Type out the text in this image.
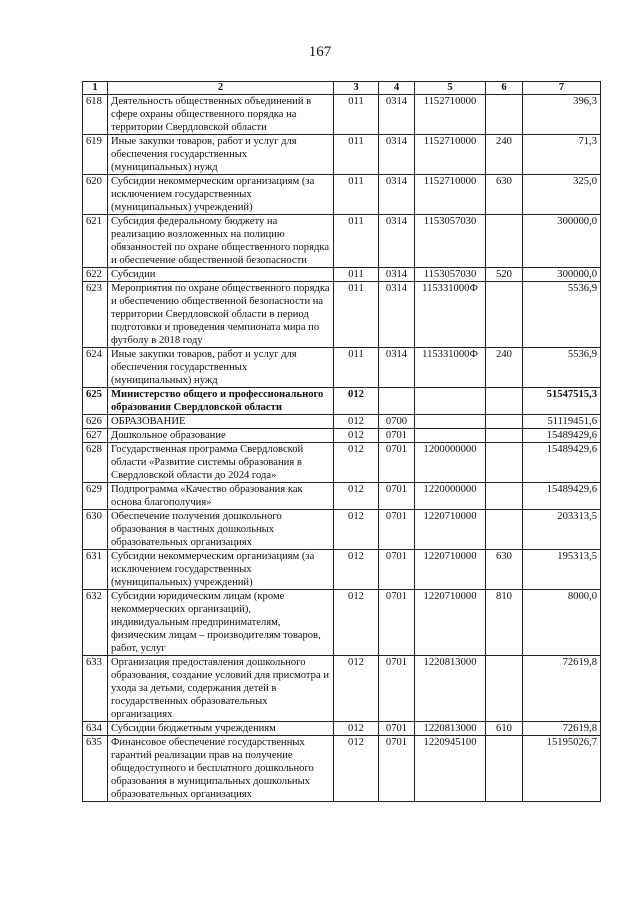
167
1	2	3	4	5	6	7
618	Деятельность общественных объединений в сфере охраны общественного порядка на территории Свердловской области	011	0314	1152710000		396,3
619	Иные закупки товаров, работ и услуг для обеспечения государственных (муниципальных) нужд	011	0314	1152710000	240	71,3
620	Субсидии некоммерческим организациям (за исключением государственных (муниципальных) учреждений)	011	0314	1152710000	630	325,0
621	Субсидия федеральному бюджету на реализацию возложенных на полицию обязанностей по охране общественного порядка и обеспечение общественной безопасности	011	0314	1153057030		300000,0
622	Субсидии	011	0314	1153057030	520	300000,0
623	Мероприятия по охране общественного порядка и обеспечению общественной безопасности на территории Свердловской области в период подготовки и проведения чемпионата мира по футболу в 2018 году	011	0314	115331000Ф		5536,9
624	Иные закупки товаров, работ и услуг для обеспечения государственных (муниципальных) нужд	011	0314	115331000Ф	240	5536,9
625	Министерство общего и профессионального образования Свердловской области	012				51547515,3
626	ОБРАЗОВАНИЕ	012	0700			51119451,6
627	Дошкольное образование	012	0701			15489429,6
628	Государственная программа Свердловской области «Развитие системы образования в Свердловской области до 2024 года»	012	0701	1200000000		15489429,6
629	Подпрограмма «Качество образования как основа благополучия»	012	0701	1220000000		15489429,6
630	Обеспечение получения дошкольного образования в частных дошкольных образовательных организациях	012	0701	1220710000		203313,5
631	Субсидии некоммерческим организациям (за исключением государственных (муниципальных) учреждений)	012	0701	1220710000	630	195313,5
632	Субсидии юридическим лицам (кроме некоммерческих организаций), индивидуальным предпринимателям, физическим лицам – производителям товаров, работ, услуг	012	0701	1220710000	810	8000,0
633	Организация предоставления дошкольного образования, создание условий для присмотра и ухода за детьми, содержания детей в государственных образовательных организациях	012	0701	1220813000		72619,8
634	Субсидии бюджетным учреждениям	012	0701	1220813000	610	72619,8
635	Финансовое обеспечение государственных гарантий реализации прав на получение общедоступного и бесплатного дошкольного образования в муниципальных дошкольных образовательных организациях	012	0701	1220945100		15195026,7
